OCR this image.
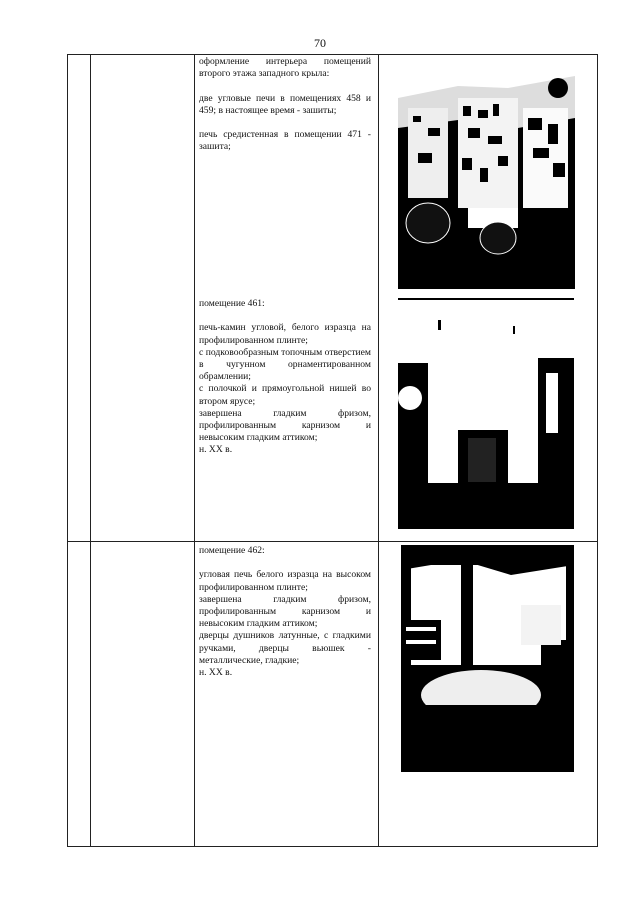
70

оформление интерьера помещений второго этажа западного крыла:

две угловые печи в помещениях 458 и 459; в настоящее время - зашиты;

печь средистенная в помещении 471 - зашита;

помещение 461:

печь-камин угловой, белого изразца на профилированном плинте;

с подковообразным топочным отверстием в чугунном орнаментированном обрамлении;

с полочкой и прямоугольной нишей во втором ярусе;

завершена гладким фризом, профилированным карнизом и невысоким гладким аттиком;

н. XX в.

помещение 462:

угловая печь белого изразца на высоком профилированном плинте;

завершена гладким фризом, профилированным карнизом и невысоким гладким аттиком;

дверцы душников латунные, с гладкими ручками, дверцы вьюшек - металлические, гладкие;

н. XX в.
